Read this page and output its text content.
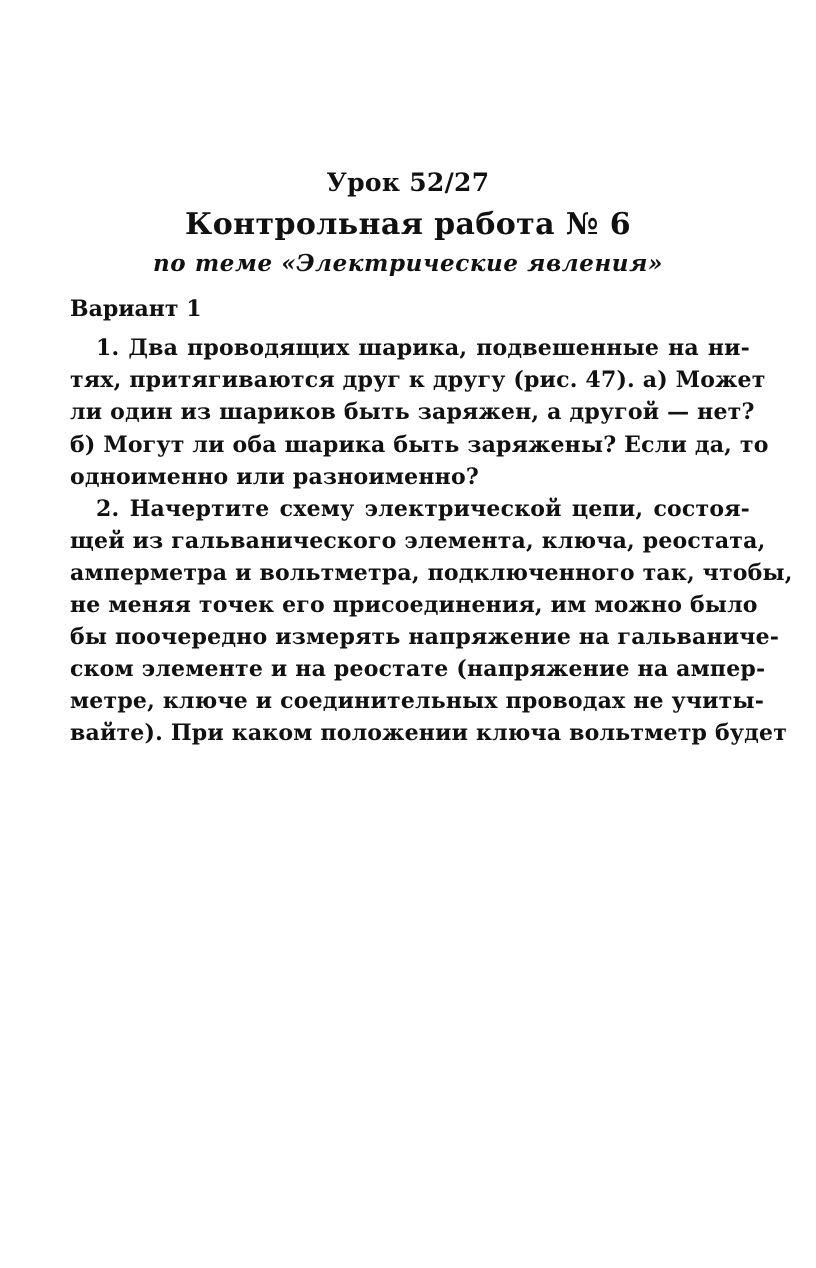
Урок 52/27
Контрольная работа № 6
по теме «Электрические явления»
Вариант 1
1. Два проводящих шарика, подвешенные на ни-
тях, притягиваются друг к другу (рис. 47). а) Может
ли один из шариков быть заряжен, а другой — нет?
б) Могут ли оба шарика быть заряжены? Если да, то
одноименно или разноименно?
2. Начертите схему электрической цепи, состоя-
щей из гальванического элемента, ключа, реостата,
амперметра и вольтметра, подключенного так, чтобы,
не меняя точек его присоединения, им можно было
бы поочередно измерять напряжение на гальваниче-
ском элементе и на реостате (напряжение на ампер-
метре, ключе и соединительных проводах не учиты-
вайте). При каком положении ключа вольтметр будет
